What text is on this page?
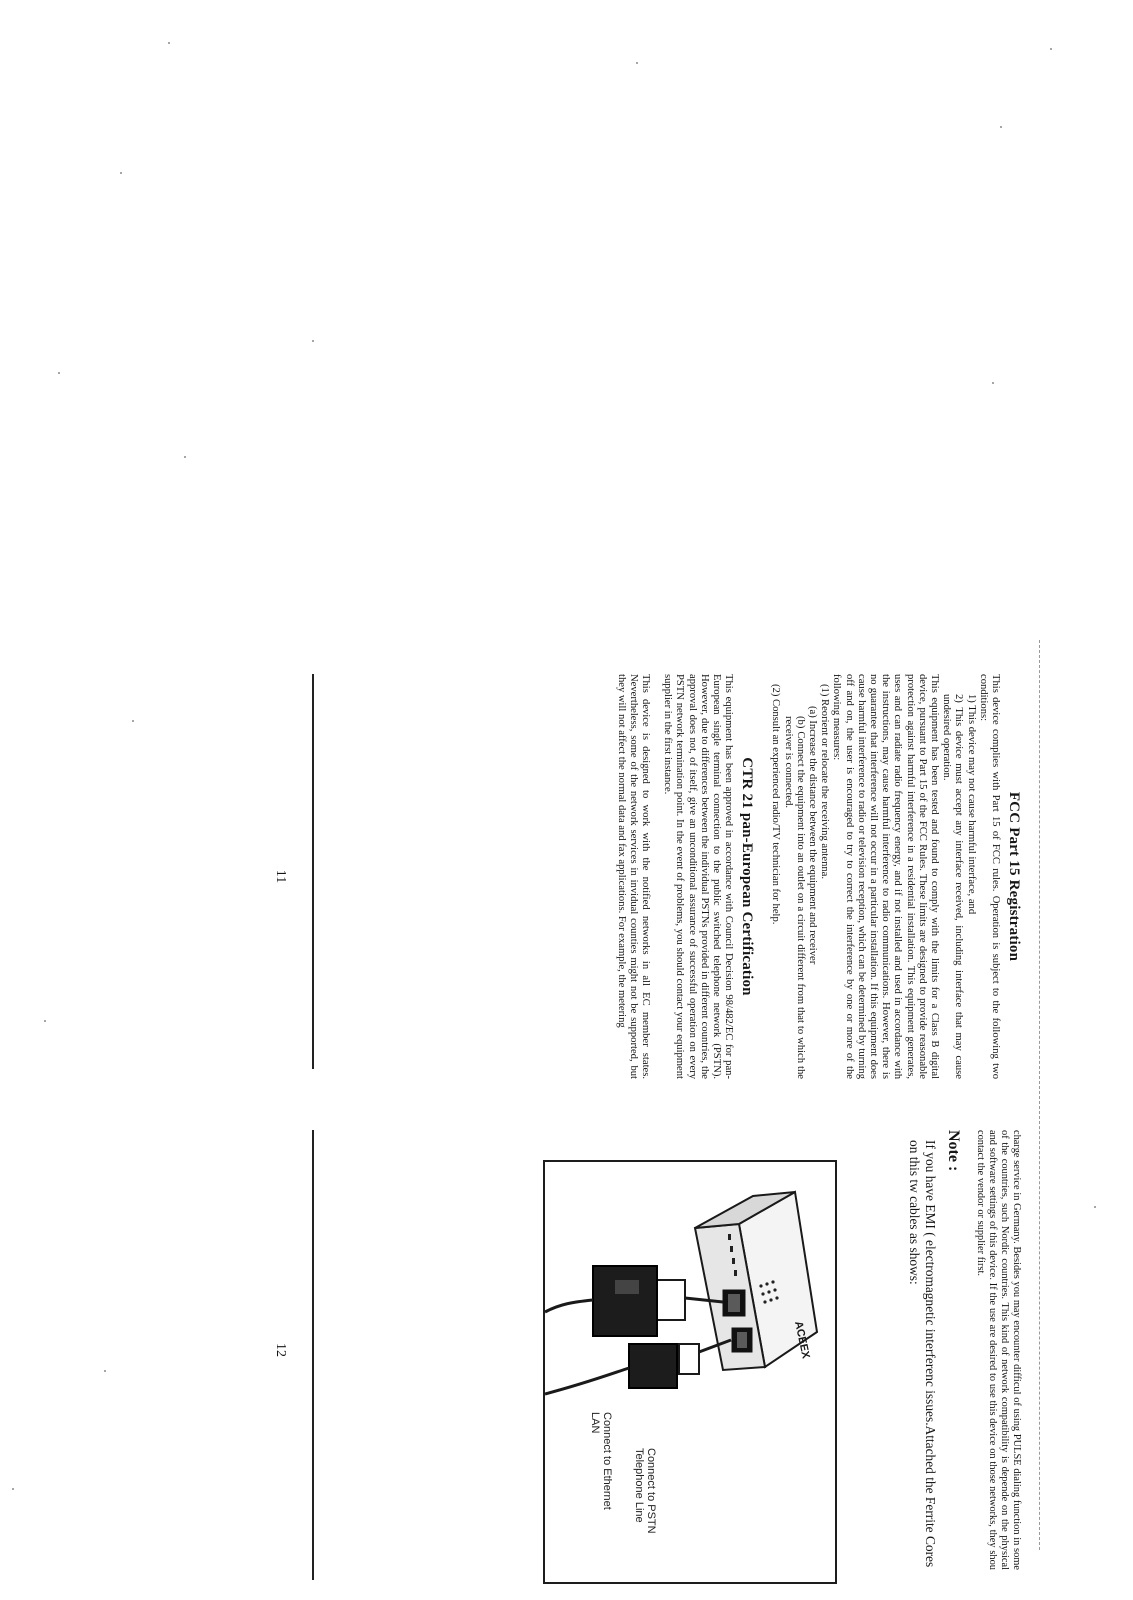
FCC Part 15 Registration

This device complies with Part 15 of FCC rules. Operation is subject to the following two conditions:

1) This device may not cause harmful interface, and

2) This device must accept any interface received, including interface that may cause undesired operation.

This equipment has been tested and found to comply with the limits for a Class B digital device, pursuant to Part 15 of the FCC Rules. These limits are designed to provide reasonable protection against harmful interference in a residential installation. This equipment generates, uses and can radiate radio frequency energy, and if not installed and used in accordance with the instructions, may cause harmful interference to radio communications. However, there is no guarantee that interference will not occur in a particular installation. If this equipment does cause harmful interference to radio or television reception, which can be determined by turning off and on, the user is encouraged to try to correct the interference by one or more of the following measures:

(1) Reorient or relocate the receiving antenna.

(a) Increase the distance between the equipment and receiver

(b) Connect the equipment into an outlet on a circuit different from that to which the receiver is connected.

(2) Consult an experienced radio/TV technician for help.

CTR 21 pan-European Certification

This equipment has been approved in accordance with Council Decision 98/482/EC for pan-European single terminal connection to the public switched telephone network (PSTN). However, due to differences between the individual PSTNs provided in different countries, the approval does not, of itself, give an unconditional assurance of successful operation on every PSTN network termination point. In the event of problems, you should contact your equipment supplier in the first instance.

This device is designed to work with the notified networks in all EC member states. Nevertheless, some of the network services in invidual counties might not be supported, but they will not affect the normal data and fax applications. For example, the metering

11

charge service in Germany. Besides you may encounter difficul of using PULSE dialing function in some of the countries, such Nordic countries. This kind of network compatibility is depende on the physical and software settings of this device. If the use are desired to use this device on those networks, they shou contact the vendor or supplier first.

Note :
If you have EMI ( electromagnetic interferenc issues.Attached the Ferrite Cores on this tw cables as shows:
ACEEX
Connect to PSTN Telephone Line
Connect to Ethernet LAN
12
